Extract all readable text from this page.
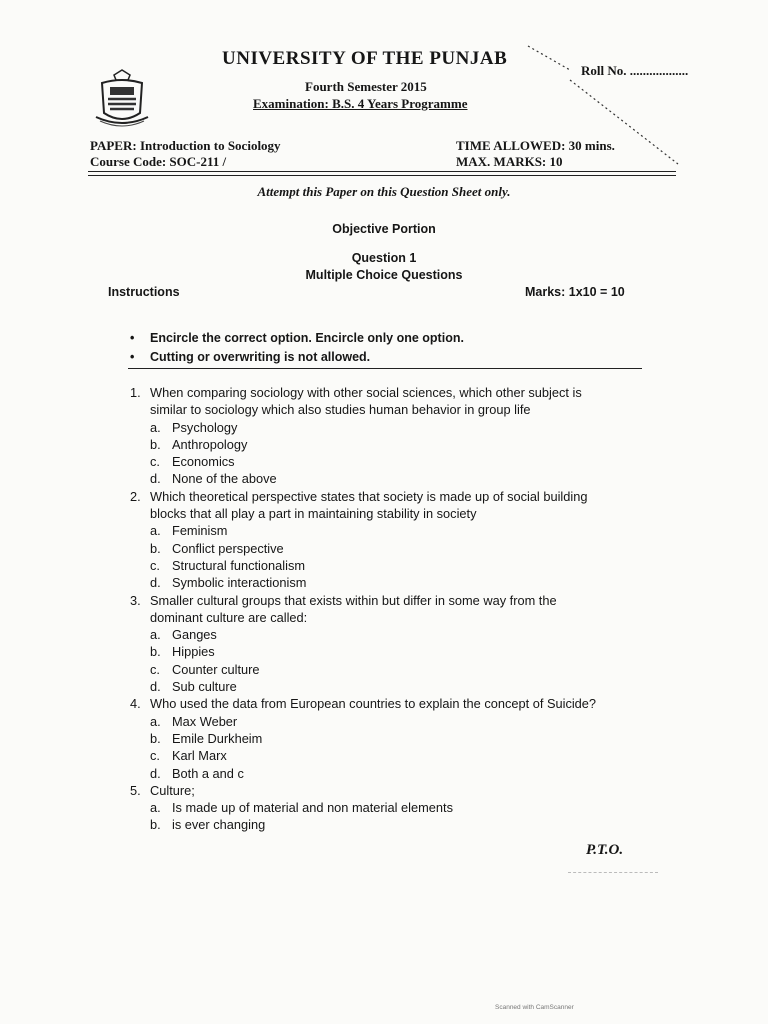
UNIVERSITY OF THE PUNJAB
Roll No. ..................
Fourth Semester 2015
Examination: B.S. 4 Years Programme
PAPER: Introduction to Sociology
Course Code: SOC-211 /
TIME ALLOWED: 30 mins.
MAX. MARKS: 10
Attempt this Paper on this Question Sheet only.
Objective Portion
Question 1
Multiple Choice Questions
Instructions	Marks: 1x10 = 10
• Encircle the correct option. Encircle only one option.
• Cutting or overwriting is not allowed.
1. When comparing sociology with other social sciences, which other subject is
similar to sociology which also studies human behavior in group life
a. Psychology
b. Anthropology
c. Economics
d. None of the above
2. Which theoretical perspective states that society is made up of social building
blocks that all play a part in maintaining stability in society
a. Feminism
b. Conflict perspective
c. Structural functionalism
d. Symbolic interactionism
3. Smaller cultural groups that exists within but differ in some way from the
dominant culture are called:
a. Ganges
b. Hippies
c. Counter culture
d. Sub culture
4. Who used the data from European countries to explain the concept of Suicide?
a. Max Weber
b. Emile Durkheim
c. Karl Marx
d. Both a and c
5. Culture;
a. Is made up of material and non material elements
b. is ever changing
P.T.O.
Scanned with CamScanner
